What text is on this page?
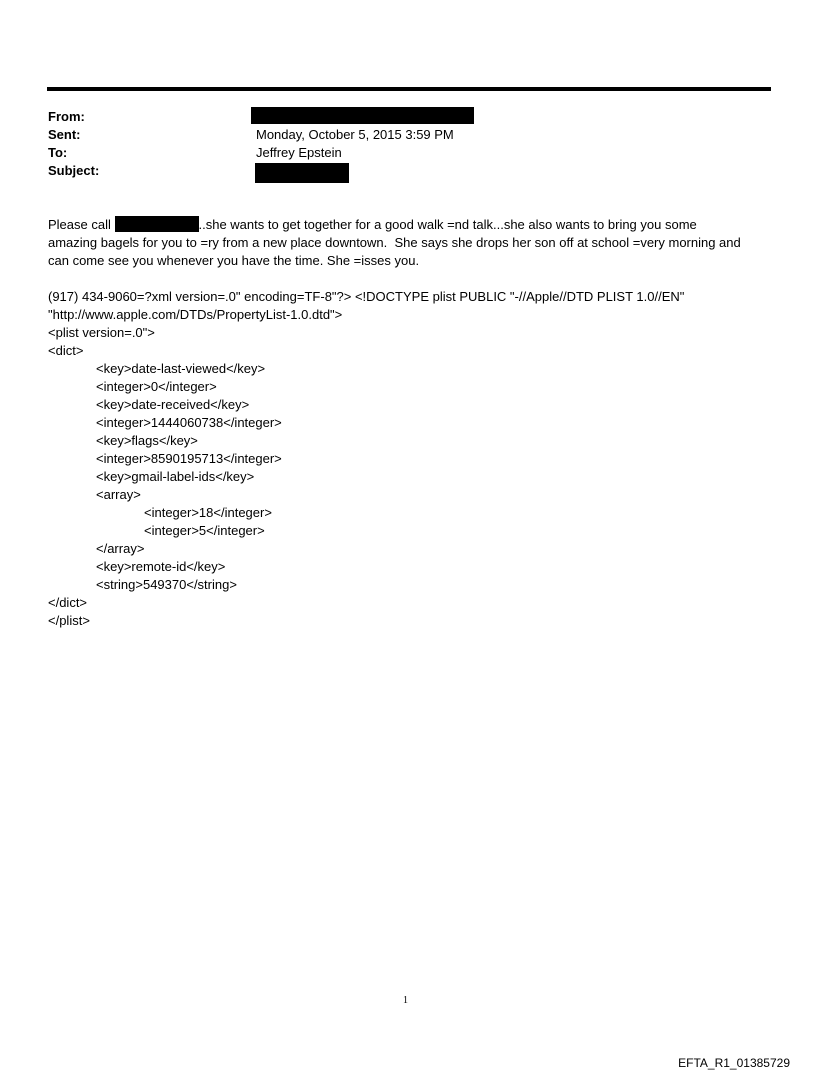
From:
Sent:	Monday, October 5, 2015 3:59 PM
To:	Jeffrey Epstein
Subject:
Please call	..she wants to get together for a good walk =nd talk...she also wants to bring you some
amazing bagels for you to =ry from a new place downtown.  She says she drops her son off at school =very morning and
can come see you whenever you have the time. She =isses you.
(917) 434-9060=?xml version=.0" encoding=TF-8"?> <!DOCTYPE plist PUBLIC "-//Apple//DTD PLIST 1.0//EN"
"http://www.apple.com/DTDs/PropertyList-1.0.dtd">
<plist version=.0">
<dict>
<key>date-last-viewed</key>
<integer>0</integer>
<key>date-received</key>
<integer>1444060738</integer>
<key>flags</key>
<integer>8590195713</integer>
<key>gmail-label-ids</key>
<array>
<integer>18</integer>
<integer>5</integer>
</array>
<key>remote-id</key>
<string>549370</string>
</dict>
</plist>
1
EFTA_R1_01385729
